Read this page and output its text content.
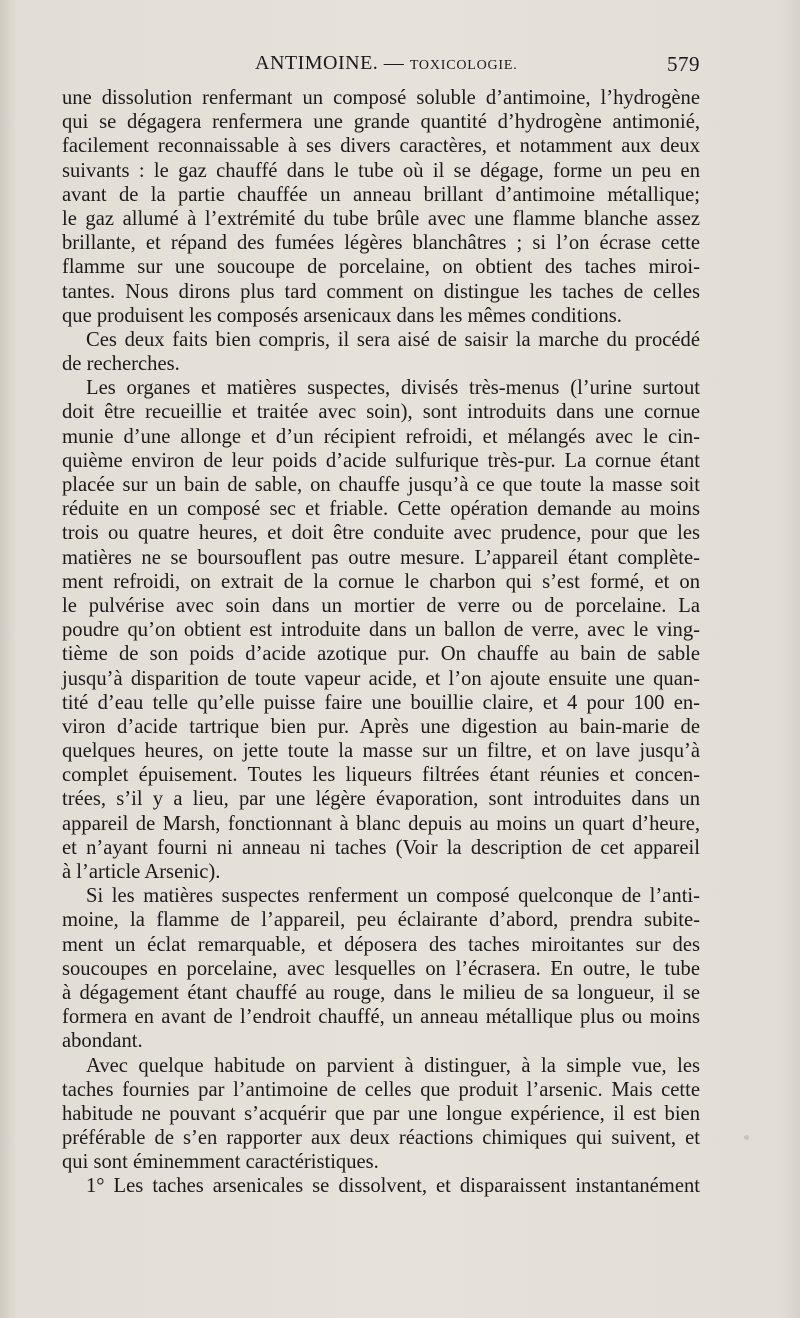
ANTIMOINE. — TOXICOLOGIE.	579
une dissolution renfermant un composé soluble d’antimoine, l’hydrogène
qui se dégagera renfermera une grande quantité d’hydrogène antimonié,
facilement reconnaissable à ses divers caractères, et notamment aux deux
suivants : le gaz chauffé dans le tube où il se dégage, forme un peu en
avant de la partie chauffée un anneau brillant d’antimoine métallique;
le gaz allumé à l’extrémité du tube brûle avec une flamme blanche assez
brillante, et répand des fumées légères blanchâtres ; si l’on écrase cette
flamme sur une soucoupe de porcelaine, on obtient des taches miroi-
tantes. Nous dirons plus tard comment on distingue les taches de celles
que produisent les composés arsenicaux dans les mêmes conditions.
Ces deux faits bien compris, il sera aisé de saisir la marche du procédé
de recherches.
Les organes et matières suspectes, divisés très-menus (l’urine surtout
doit être recueillie et traitée avec soin), sont introduits dans une cornue
munie d’une allonge et d’un récipient refroidi, et mélangés avec le cin-
quième environ de leur poids d’acide sulfurique très-pur. La cornue étant
placée sur un bain de sable, on chauffe jusqu’à ce que toute la masse soit
réduite en un composé sec et friable. Cette opération demande au moins
trois ou quatre heures, et doit être conduite avec prudence, pour que les
matières ne se boursouflent pas outre mesure. L’appareil étant complète-
ment refroidi, on extrait de la cornue le charbon qui s’est formé, et on
le pulvérise avec soin dans un mortier de verre ou de porcelaine. La
poudre qu’on obtient est introduite dans un ballon de verre, avec le ving-
tième de son poids d’acide azotique pur. On chauffe au bain de sable
jusqu’à disparition de toute vapeur acide, et l’on ajoute ensuite une quan-
tité d’eau telle qu’elle puisse faire une bouillie claire, et 4 pour 100 en-
viron d’acide tartrique bien pur. Après une digestion au bain-marie de
quelques heures, on jette toute la masse sur un filtre, et on lave jusqu’à
complet épuisement. Toutes les liqueurs filtrées étant réunies et concen-
trées, s’il y a lieu, par une légère évaporation, sont introduites dans un
appareil de Marsh, fonctionnant à blanc depuis au moins un quart d’heure,
et n’ayant fourni ni anneau ni taches (Voir la description de cet appareil
à l’article Arsenic).
Si les matières suspectes renferment un composé quelconque de l’anti-
moine, la flamme de l’appareil, peu éclairante d’abord, prendra subite-
ment un éclat remarquable, et déposera des taches miroitantes sur des
soucoupes en porcelaine, avec lesquelles on l’écrasera. En outre, le tube
à dégagement étant chauffé au rouge, dans le milieu de sa longueur, il se
formera en avant de l’endroit chauffé, un anneau métallique plus ou moins
abondant.
Avec quelque habitude on parvient à distinguer, à la simple vue, les
taches fournies par l’antimoine de celles que produit l’arsenic. Mais cette
habitude ne pouvant s’acquérir que par une longue expérience, il est bien
préférable de s’en rapporter aux deux réactions chimiques qui suivent, et
qui sont éminemment caractéristiques.
1° Les taches arsenicales se dissolvent, et disparaissent instantanément
